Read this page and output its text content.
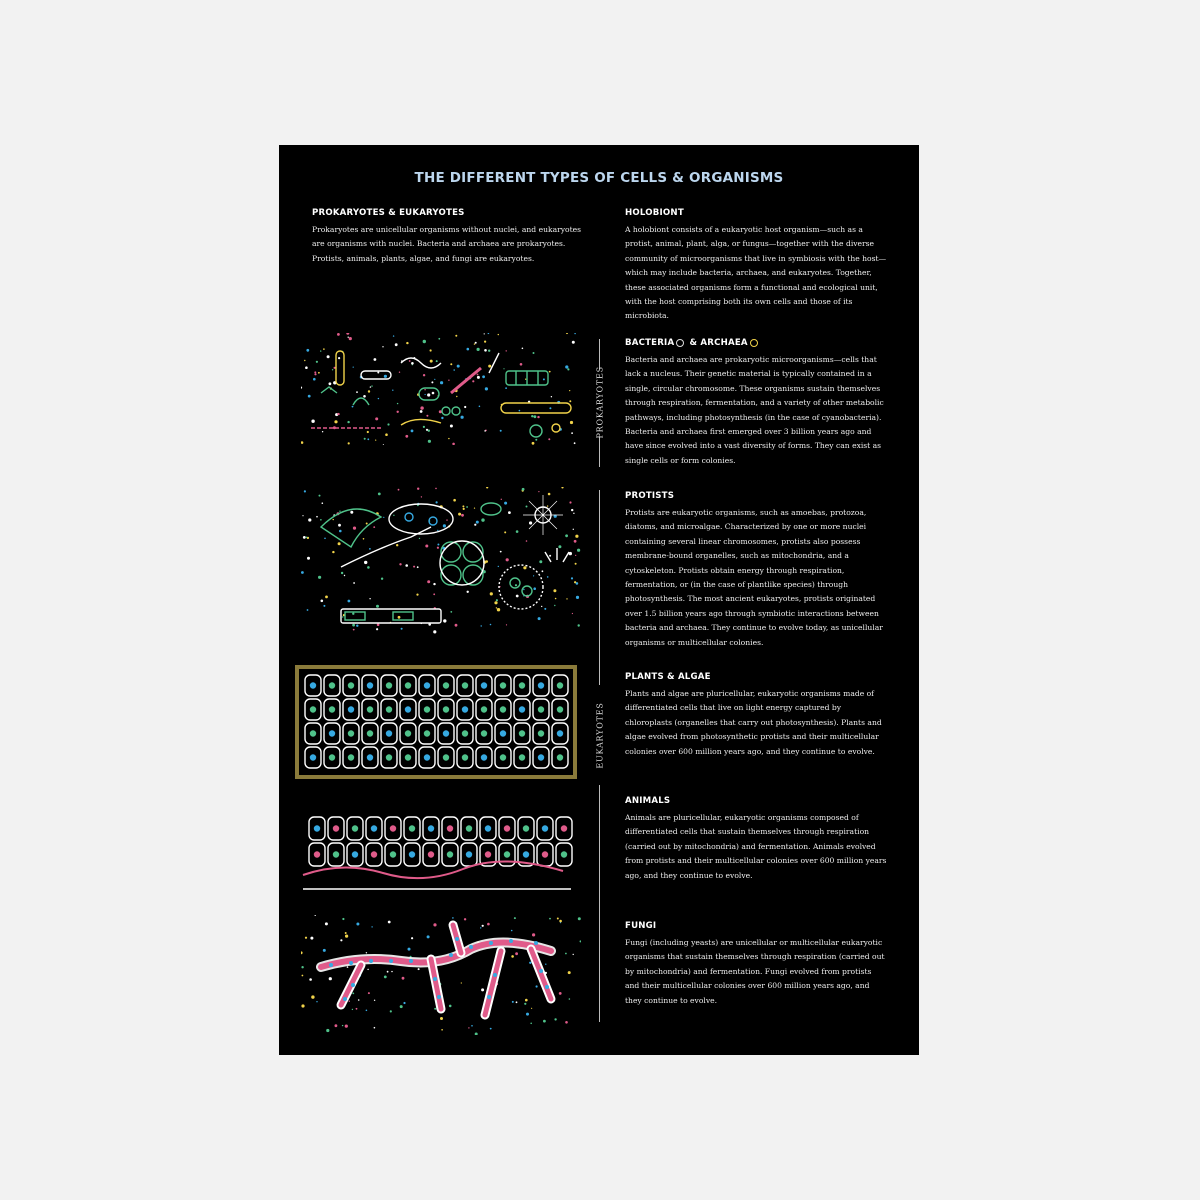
THE DIFFERENT TYPES OF CELLS & ORGANISMS
PROKARYOTES & EUKARYOTES

Prokaryotes are unicellular organisms without nuclei, and eukaryotes are organisms with nuclei. Bacteria and archaea are prokaryotes. Protists, animals, plants, algae, and fungi are eukaryotes.

HOLOBIONT

A holobiont consists of a eukaryotic host organism—such as a protist, animal, plant, alga, or fungus—together with the diverse community of microorganisms that live in symbiosis with the host—which may include bacteria, archaea, and eukaryotes. Together, these associated organisms form a functional and ecological unit, with the host comprising both its own cells and those of its microbiota.

BACTERIA & ARCHAEA

Bacteria and archaea are prokaryotic microorganisms—cells that lack a nucleus. Their genetic material is typically contained in a single, circular chromosome. These organisms sustain themselves through respiration, fermentation, and a variety of other metabolic pathways, including photosynthesis (in the case of cyanobacteria). Bacteria and archaea first emerged over 3 billion years ago and have since evolved into a vast diversity of forms. They can exist as single cells or form colonies.

PROTISTS

Protists are eukaryotic organisms, such as amoebas, protozoa, diatoms, and microalgae. Characterized by one or more nuclei containing several linear chromosomes, protists also possess membrane-bound organelles, such as mitochondria, and a cytoskeleton. Protists obtain energy through respiration, fermentation, or (in the case of plantlike species) through photosynthesis. The most ancient eukaryotes, protists originated over 1.5 billion years ago through symbiotic interactions between bacteria and archaea. They continue to evolve today, as unicellular organisms or multicellular colonies.

PLANTS & ALGAE

Plants and algae are pluricellular, eukaryotic organisms made of differentiated cells that live on light energy captured by chloroplasts (organelles that carry out photosynthesis). Plants and algae evolved from photosynthetic protists and their multicellular colonies over 600 million years ago, and they continue to evolve.

ANIMALS

Animals are pluricellular, eukaryotic organisms composed of differentiated cells that sustain themselves through respiration (carried out by mitochondria) and fermentation. Animals evolved from protists and their multicellular colonies over 600 million years ago, and they continue to evolve.

FUNGI

Fungi (including yeasts) are unicellular or multicellular eukaryotic organisms that sustain themselves through respiration (carried out by mitochondria) and fermentation. Fungi evolved from protists and their multicellular colonies over 600 million years ago, and they continue to evolve.

PROKARYOTES
EUKARYOTES
